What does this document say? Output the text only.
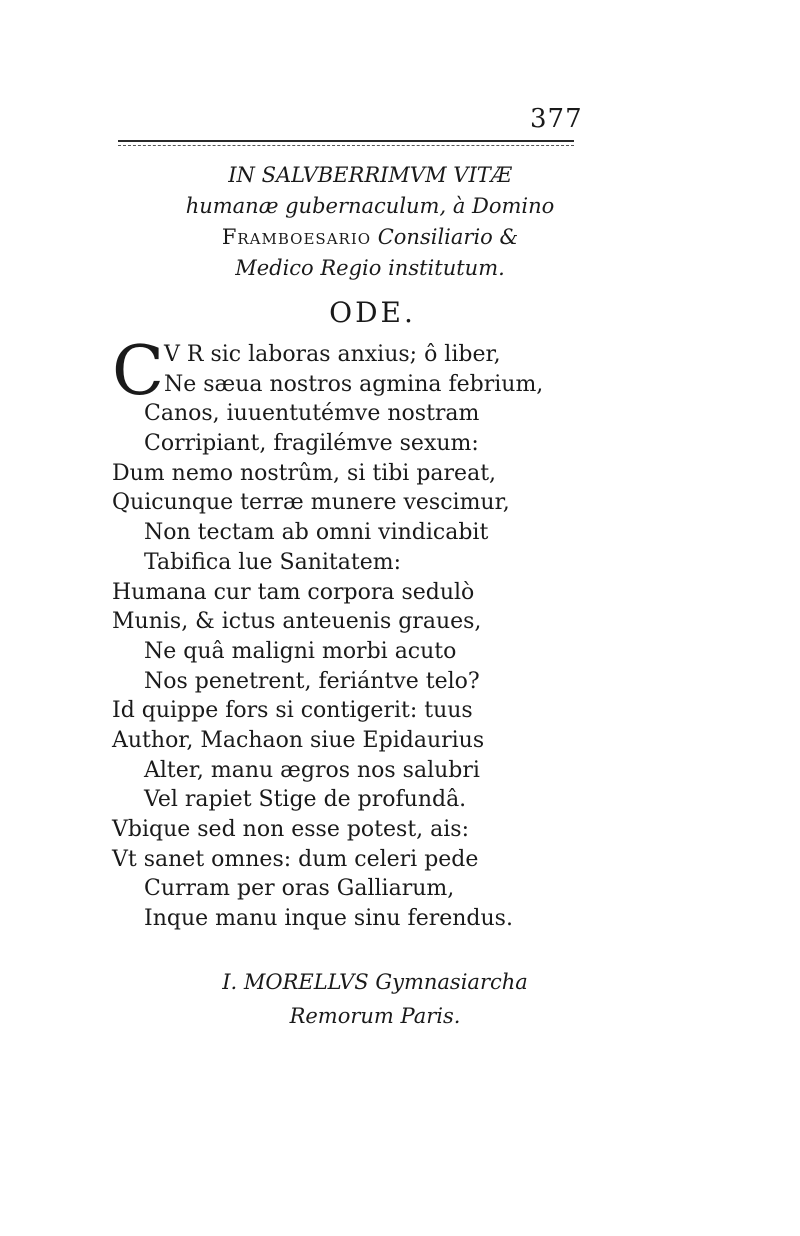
377
IN SALVBERRIMVM VITÆ
humanæ gubernaculum, à Domino
Framboesario Consiliario &
Medico Regio institutum.
ODE.
C V R sic laboras anxius; ô liber,
Ne sæua nostros agmina febrium,
Canos, iuuentutémve nostram
Corripiant, fragilémve sexum:
Dum nemo nostrûm, si tibi pareat,
Quicunque terræ munere vescimur,
Non tectam ab omni vindicabit
Tabifica lue Sanitatem:
Humana cur tam corpora sedulò
Munis, & ictus anteuenis graues,
Ne quâ maligni morbi acuto
Nos penetrent, feriántve telo?
Id quippe fors si contigerit: tuus
Author, Machaon siue Epidaurius
Alter, manu ægros nos salubri
Vel rapiet Stige de profundâ.
Vbique sed non esse potest, ais:
Vt sanet omnes: dum celeri pede
Curram per oras Galliarum,
Inque manu inque sinu ferendus.
I. MORELLVS Gymnasiarcha
Remorum Paris.
